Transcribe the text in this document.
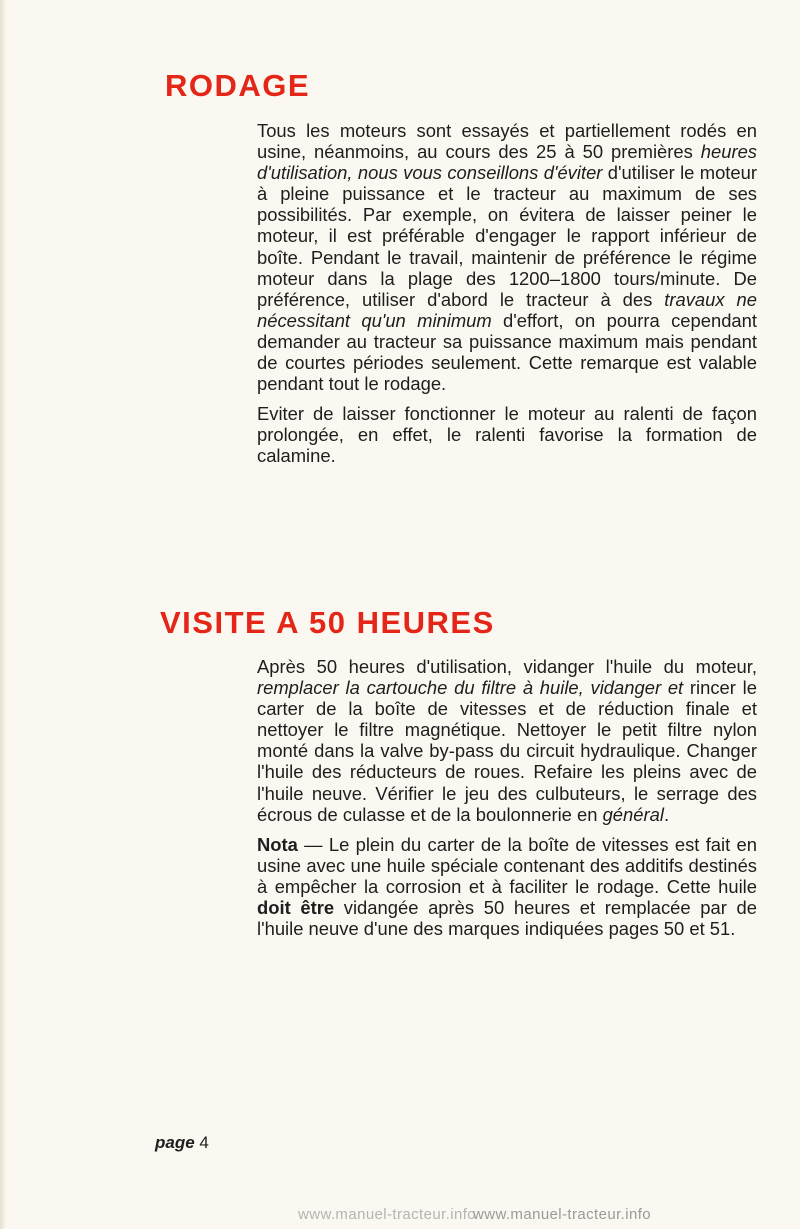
RODAGE

Tous les moteurs sont essayés et partiellement rodés en usine, néanmoins, au cours des 25 à 50 premières heures d'utilisation, nous vous conseillons d'éviter d'utiliser le moteur à pleine puissance et le tracteur au maximum de ses possibilités. Par exemple, on évitera de laisser peiner le moteur, il est préférable d'engager le rapport inférieur de boîte. Pendant le travail, maintenir de préférence le régime moteur dans la plage des 1200–1800 tours/minute. De préférence, utiliser d'abord le tracteur à des travaux ne nécessitant qu'un minimum d'effort, on pourra cependant demander au tracteur sa puissance maximum mais pendant de courtes périodes seulement. Cette remarque est valable pendant tout le rodage.

Eviter de laisser fonctionner le moteur au ralenti de façon prolongée, en effet, le ralenti favorise la formation de calamine.

VISITE A 50 HEURES

Après 50 heures d'utilisation, vidanger l'huile du moteur, remplacer la cartouche du filtre à huile, vidanger et rincer le carter de la boîte de vitesses et de réduction finale et nettoyer le filtre magnétique. Nettoyer le petit filtre nylon monté dans la valve by-pass du circuit hydraulique. Changer l'huile des réducteurs de roues. Refaire les pleins avec de l'huile neuve. Vérifier le jeu des culbuteurs, le serrage des écrous de culasse et de la boulonnerie en général.

Nota — Le plein du carter de la boîte de vitesses est fait en usine avec une huile spéciale contenant des additifs destinés à empêcher la corrosion et à faciliter le rodage. Cette huile doit être vidangée après 50 heures et remplacée par de l'huile neuve d'une des marques indiquées pages 50 et 51.

page 4
www.manuel-tracteur.info
www.manuel-tracteur.info
